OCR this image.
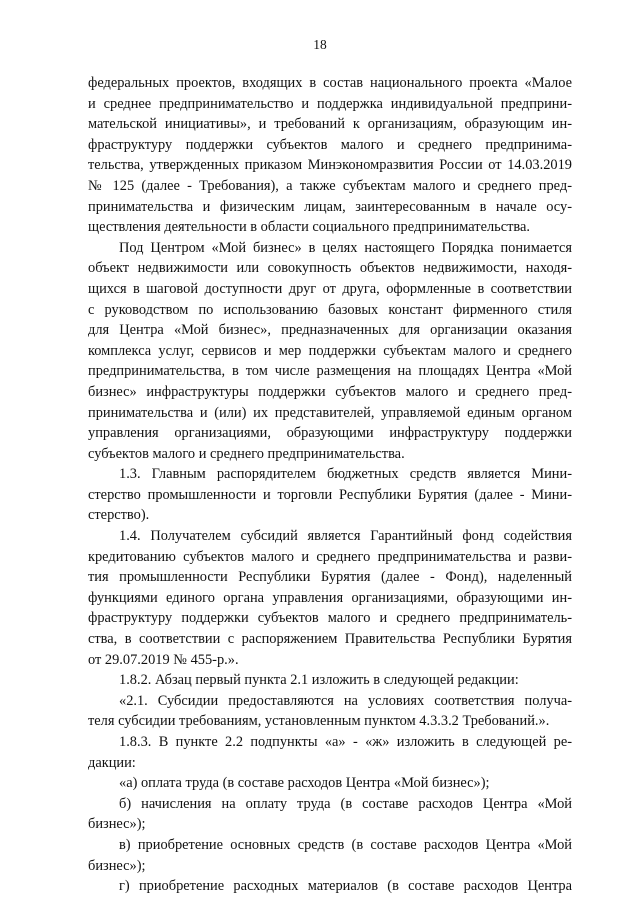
18
федеральных проектов, входящих в состав национального проекта «Малое
и среднее предпринимательство и поддержка индивидуальной предприни-
мательской инициативы», и требований к организациям, образующим ин-
фраструктуру поддержки субъектов малого и среднего предпринима-
тельства, утвержденных приказом Минэкономразвития России от 14.03.2019
№ 125 (далее - Требования), а также субъектам малого и среднего пред-
принимательства и физическим лицам, заинтересованным в начале осу-
ществления деятельности в области социального предпринимательства.
Под Центром «Мой бизнес» в целях настоящего Порядка понимается
объект недвижимости или совокупность объектов недвижимости, находя-
щихся в шаговой доступности друг от друга, оформленные в соответствии
с руководством по использованию базовых констант фирменного стиля
для Центра «Мой бизнес», предназначенных для организации оказания
комплекса услуг, сервисов и мер поддержки субъектам малого и среднего
предпринимательства, в том числе размещения на площадях Центра «Мой
бизнес» инфраструктуры поддержки субъектов малого и среднего пред-
принимательства и (или) их представителей, управляемой единым органом
управления организациями, образующими инфраструктуру поддержки
субъектов малого и среднего предпринимательства.
1.3. Главным распорядителем бюджетных средств является Мини-
стерство промышленности и торговли Республики Бурятия (далее - Мини-
стерство).
1.4. Получателем субсидий является Гарантийный фонд содействия
кредитованию субъектов малого и среднего предпринимательства и разви-
тия промышленности Республики Бурятия (далее - Фонд), наделенный
функциями единого органа управления организациями, образующими ин-
фраструктуру поддержки субъектов малого и среднего предприниматель-
ства, в соответствии с распоряжением Правительства Республики Бурятия
от 29.07.2019 № 455-р.».
1.8.2. Абзац первый пункта 2.1 изложить в следующей редакции:
«2.1. Субсидии предоставляются на условиях соответствия получа-
теля субсидии требованиям, установленным пунктом 4.3.3.2 Требований.».
1.8.3. В пункте 2.2 подпункты «а» - «ж» изложить в следующей ре-
дакции:
«а) оплата труда (в составе расходов Центра «Мой бизнес»);
б) начисления на оплату труда (в составе расходов Центра «Мой
бизнес»);
в) приобретение основных средств (в составе расходов Центра «Мой
бизнес»);
г) приобретение расходных материалов (в составе расходов Центра
